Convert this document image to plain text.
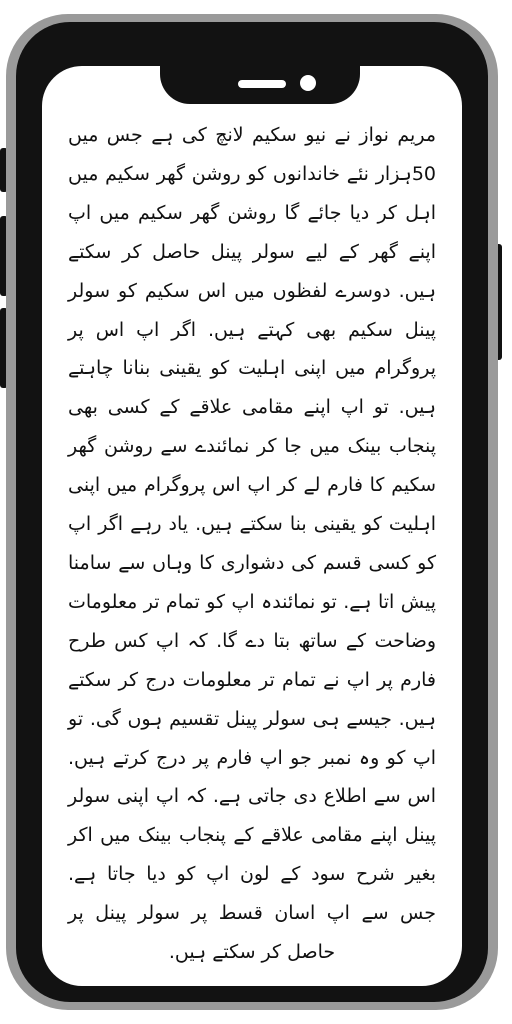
مریم نواز نے نیو سکیم لانچ کی ہے جس میں 50ہزار نئے خاندانوں کو روشن گھر سکیم میں اہل کر دیا جائے گا روشن گھر سکیم میں اپ اپنے گھر کے لیے سولر پینل حاصل کر سکتے ہیں. دوسرے لفظوں میں اس سکیم کو سولر پینل سکیم بھی کہتے ہیں. اگر اپ اس پر پروگرام میں اپنی اہلیت کو یقینی بنانا چاہتے ہیں. تو اپ اپنے مقامی علاقے کے کسی بھی پنجاب بینک میں جا کر نمائندے سے روشن گھر سکیم کا فارم لے کر اپ اس پروگرام میں اپنی اہلیت کو یقینی بنا سکتے ہیں. یاد رہے اگر اپ کو کسی قسم کی دشواری کا وہاں سے سامنا پیش اتا ہے. تو نمائندہ اپ کو تمام تر معلومات وضاحت کے ساتھ بتا دے گا. کہ اپ کس طرح فارم پر اپ نے تمام تر معلومات درج کر سکتے ہیں. جیسے ہی سولر پینل تقسیم ہوں گی. تو اپ کو وہ نمبر جو اپ فارم پر درج کرتے ہیں. اس سے اطلاع دی جاتی ہے. کہ اپ اپنی سولر پینل اپنے مقامی علاقے کے پنجاب بینک میں اکر بغیر شرح سود کے لون اپ کو دیا جاتا ہے. جس سے اپ اسان قسط پر سولر پینل پر حاصل کر سکتے ہیں.
